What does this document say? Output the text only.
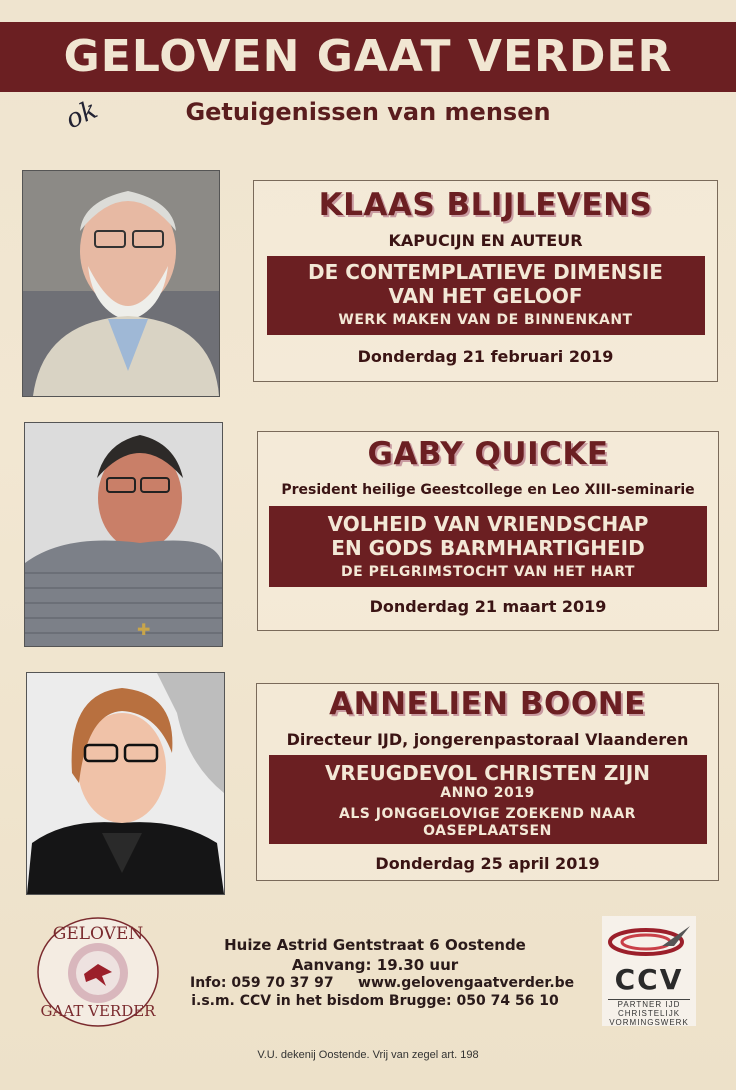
GELOVEN GAAT VERDER
ok	Getuigenissen van mensen
KLAAS BLIJLEVENS
KAPUCIJN EN AUTEUR
DE CONTEMPLATIEVE DIMENSIE
VAN HET GELOOF
WERK MAKEN VAN DE BINNENKANT
Donderdag 21 februari 2019
✚
GABY QUICKE
President heilige Geestcollege en Leo XIII-seminarie
VOLHEID VAN VRIENDSCHAP
EN GODS BARMHARTIGHEID
DE PELGRIMSTOCHT VAN HET HART
Donderdag 21 maart 2019
ANNELIEN BOONE
Directeur IJD, jongerenpastoraal Vlaanderen
VREUGDEVOL CHRISTEN ZIJN
ANNO 2019
ALS JONGGELOVIGE ZOEKEND NAAR
OASEPLAATSEN
Donderdag 25 april 2019
GELOVEN
GAAT VERDER
Huize Astrid Gentstraat 6 Oostende
Aanvang: 19.30 uur
Info: 059 70 37 97     www.gelovengaatverder.be
i.s.m. CCV in het bisdom Brugge: 050 74 56 10
CCV
PARTNER IJD
CHRISTELIJK
VORMINGSWERK
V.U. dekenij Oostende. Vrij van zegel art. 198
